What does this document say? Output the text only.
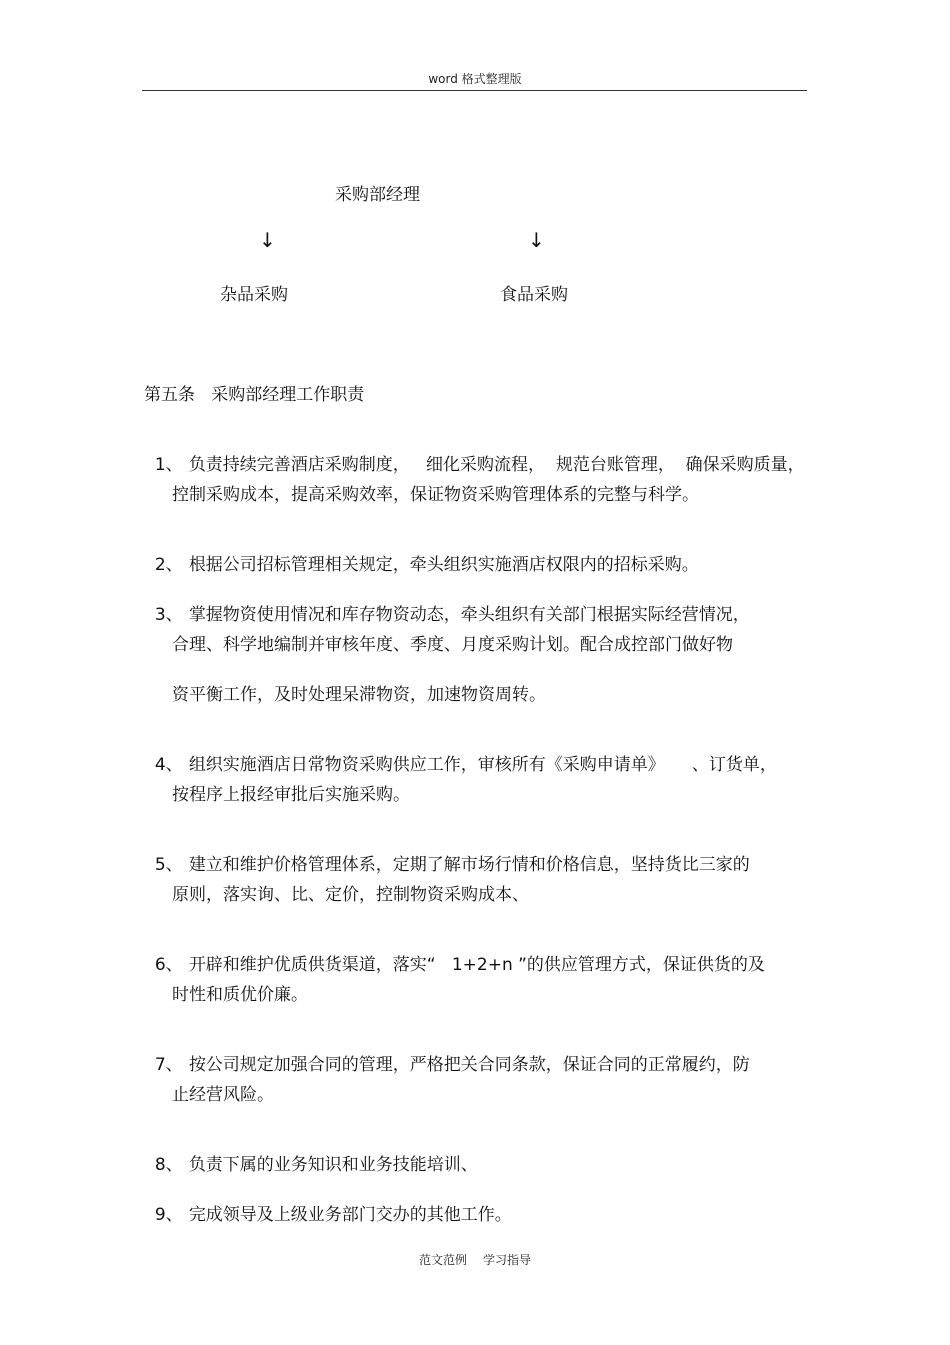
word 格式整理版
采购部经理
↓	↓
杂品采购	食品采购
第五条   采购部经理工作职责

1、 负责持续完善酒店采购制度，   细化采购流程，  规范台账管理，  确保采购质量，

控制采购成本，提高采购效率，保证物资采购管理体系的完整与科学。

2、 根据公司招标管理相关规定，牵头组织实施酒店权限内的招标采购。

3、 掌握物资使用情况和库存物资动态，牵头组织有关部门根据实际经营情况，

合理、科学地编制并审核年度、季度、月度采购计划。配合成控部门做好物
资平衡工作，及时处理呆滞物资，加速物资周转。

4、 组织实施酒店日常物资采购供应工作，审核所有《采购申请单》     、订货单，

按程序上报经审批后实施采购。

5、 建立和维护价格管理体系，定期了解市场行情和价格信息，坚持货比三家的

原则，落实询、比、定价，控制物资采购成本、

6、 开辟和维护优质供货渠道，落实“   1+2+n ”的供应管理方式，保证供货的及

时性和质优价廉。

7、 按公司规定加强合同的管理，严格把关合同条款，保证合同的正常履约，防

止经营风险。

8、 负责下属的业务知识和业务技能培训、

9、 完成领导及上级业务部门交办的其他工作。

范文范例 学习指导
